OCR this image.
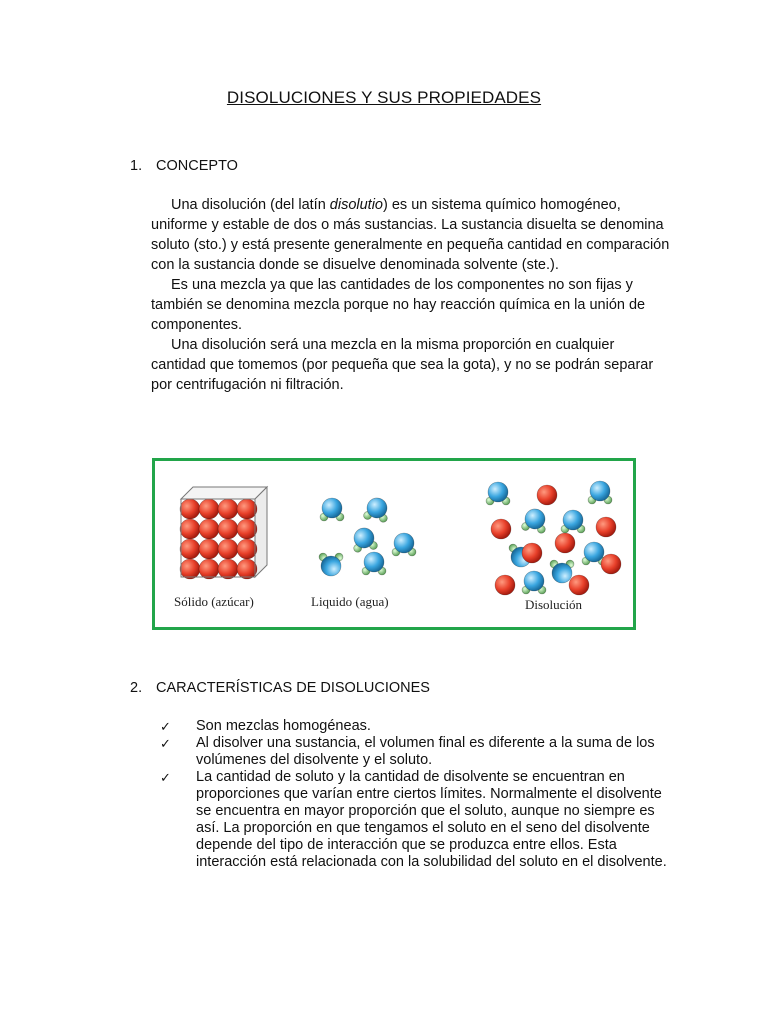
DISOLUCIONES Y SUS PROPIEDADES
1. CONCEPTO

Una disolución (del latín disolutio) es un sistema químico homogéneo, uniforme y estable de dos o más sustancias. La sustancia disuelta se denomina soluto (sto.) y está presente generalmente en pequeña cantidad en comparación con la sustancia donde se disuelve denominada solvente (ste.).

Es una mezcla ya que las cantidades de los componentes no son fijas y también se denomina mezcla porque no hay reacción química en la unión de componentes.

Una disolución será una mezcla en la misma proporción en cualquier cantidad que tomemos (por pequeña que sea la gota), y no se podrán separar por centrifugación ni filtración.

Sólido (azúcar)	Liquido (agua)	Disolución
2. CARACTERÍSTICAS DE DISOLUCIONES
✓	Son mezclas homogéneas.
✓	Al disolver una sustancia, el volumen final es diferente a la suma de los volúmenes del disolvente y el soluto.
✓	La cantidad de soluto y la cantidad de disolvente se encuentran en proporciones que varían entre ciertos límites. Normalmente el disolvente se encuentra en mayor proporción que el soluto, aunque no siempre es así. La proporción en que tengamos el soluto en el seno del disolvente depende del tipo de interacción que se produzca entre ellos. Esta interacción está relacionada con la solubilidad del soluto en el disolvente.
